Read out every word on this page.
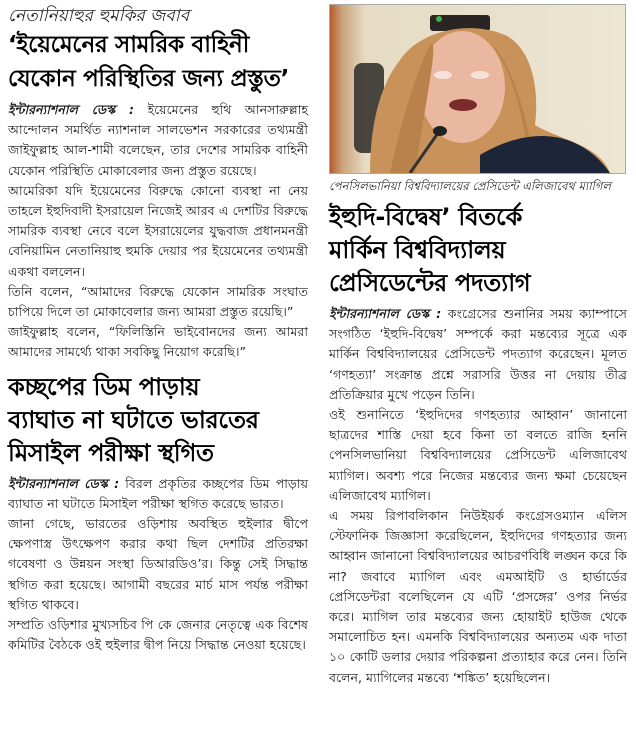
নেতানিয়াহুর হুমকির জবাব
‘ইয়েমেনের সামরিক বাহিনী
যেকোন পরিস্থিতির জন্য প্রস্তুত’

ইন্টারন্যাশনাল ডেস্ক : ইয়েমেনের হুথি আনসারুল্লাহ আন্দোলন সমর্থিত ন্যাশনাল সালভেশন সরকারের তথ্যমন্ত্রী জাইফুল্লাহ আল-শামী বলেছেন, তার দেশের সামরিক বাহিনী যেকোন পরিস্থিতি মোকাবেলার জন্য প্রস্তুত রয়েছে।

আমেরিকা যদি ইয়েমেনের বিরুদ্ধে কোনো ব্যবস্থা না নেয় তাহলে ইহুদিবাদী ইসরায়েল নিজেই আরব এ দেশটির বিরুদ্ধে সামরিক ব্যবস্থা নেবে বলে ইসরায়েলের যুদ্ধবাজ প্রধানমনন্ত্রী বেনিয়ামিন নেতানিয়াহু হুমকি দেয়ার পর ইয়েমেনের তথ্যমন্ত্রী একথা বললেন।

তিনি বলেন, “আমাদের বিরুদ্ধে যেকোন সামরিক সংঘাত চাপিয়ে দিলে তা মোকাবেলার জন্য আমরা প্রস্তুত রয়েছি।”

জাইফুল্লাহ বলেন, “ফিলিস্তিনি ভাইবোনদের জন্য আমরা আমাদের সামর্থ্যে থাকা সবকিছু নিয়োগ করেছি।”

কচ্ছপের ডিম পাড়ায়
ব্যাঘাত না ঘটাতে ভারতের
মিসাইল পরীক্ষা স্থগিত

ইন্টারন্যাশনাল ডেস্ক : বিরল প্রকৃতির কচ্ছপের ডিম পাড়ায় ব্যাঘাত না ঘটাতে মিসাইল পরীক্ষা স্থগিত করেছে ভারত।

জানা গেছে, ভারতের ওড়িশায় অবস্থিত হুইলার দ্বীপে ক্ষেপণাস্ত্র উৎক্ষেপণ করার কথা ছিল দেশটির প্রতিরক্ষা গবেষণা ও উন্নয়ন সংস্থা ডিআরডিও’র। কিন্তু সেই সিদ্ধান্ত স্থগিত করা হয়েছে। আগামী বছরের মার্চ মাস পর্যন্ত পরীক্ষা স্থগিত থাকবে।

সম্প্রতি ওড়িশার মুখ্যসচিব পি কে জেনার নেতৃত্বে এক বিশেষ কমিটির বৈঠকে ওই হুইলার দ্বীপ নিয়ে সিদ্ধান্ত নেওয়া হয়েছে।

পেনসিলভানিয়া বিশ্ববিদ্যালয়ের প্রেসিডেন্ট এলিজাবেথ ম্যাগিল
ইহুদি-বিদ্বেষ’ বিতর্কে
মার্কিন বিশ্ববিদ্যালয়
প্রেসিডেন্টের পদত্যাগ

ইন্টারন্যাশনাল ডেস্ক : কংগ্রেসের শুনানির সময় ক্যাম্পাসে সংগঠিত ‘ইহুদি-বিদ্বেষ’ সম্পর্কে করা মন্তব্যের সূত্রে এক মার্কিন বিশ্ববিদ্যালয়ের প্রেসিডেন্ট পদত্যাগ করেছেন। মূলত ‘গণহত্যা’ সংক্রান্ত প্রশ্নে সরাসরি উত্তর না দেয়ায় তীব্র প্রতিক্রিয়ার মুখে পড়েন তিনি।

ওই শুনানিতে ‘ইহুদিদের গণহত্যার আহ্বান’ জানানো ছাত্রদের শাস্তি দেয়া হবে কিনা তা বলতে রাজি হননি পেনসিলভানিয়া বিশ্ববিদ্যালয়ের প্রেসিডেন্ট এলিজাবেথ ম্যাগিল। অবশ্য পরে নিজের মন্তব্যের জন্য ক্ষমা চেয়েছেন এলিজাবেথ ম্যাগিল।

এ সময় রিপাবলিকান নিউইয়র্ক কংগ্রেসওম্যান এলিস স্টেফানিক জিজ্ঞাসা করেছিলেন, ইহুদিদের গণহত্যার জন্য আহ্বান জানানো বিশ্ববিদ্যালয়ের আচরণবিধি লঙ্ঘন করে কি না? জবাবে ম্যাগিল এবং এমআইটি ও হার্ভার্ডের প্রেসিডেন্টরা বলেছিলেন যে এটি ‘প্রসঙ্গের’ ওপর নির্ভর করে। ম্যাগিল তার মন্তব্যের জন্য হোয়াইট হাউজ থেকে সমালোচিত হন। এমনকি বিশ্ববিদ্যালয়ের অন্যতম এক দাতা ১০ কোটি ডলার দেয়ার পরিকল্পনা প্রত্যাহার করে নেন। তিনি বলেন, ম্যাগিলের মন্তব্যে ‘শঙ্কিত’ হয়েছিলেন।
